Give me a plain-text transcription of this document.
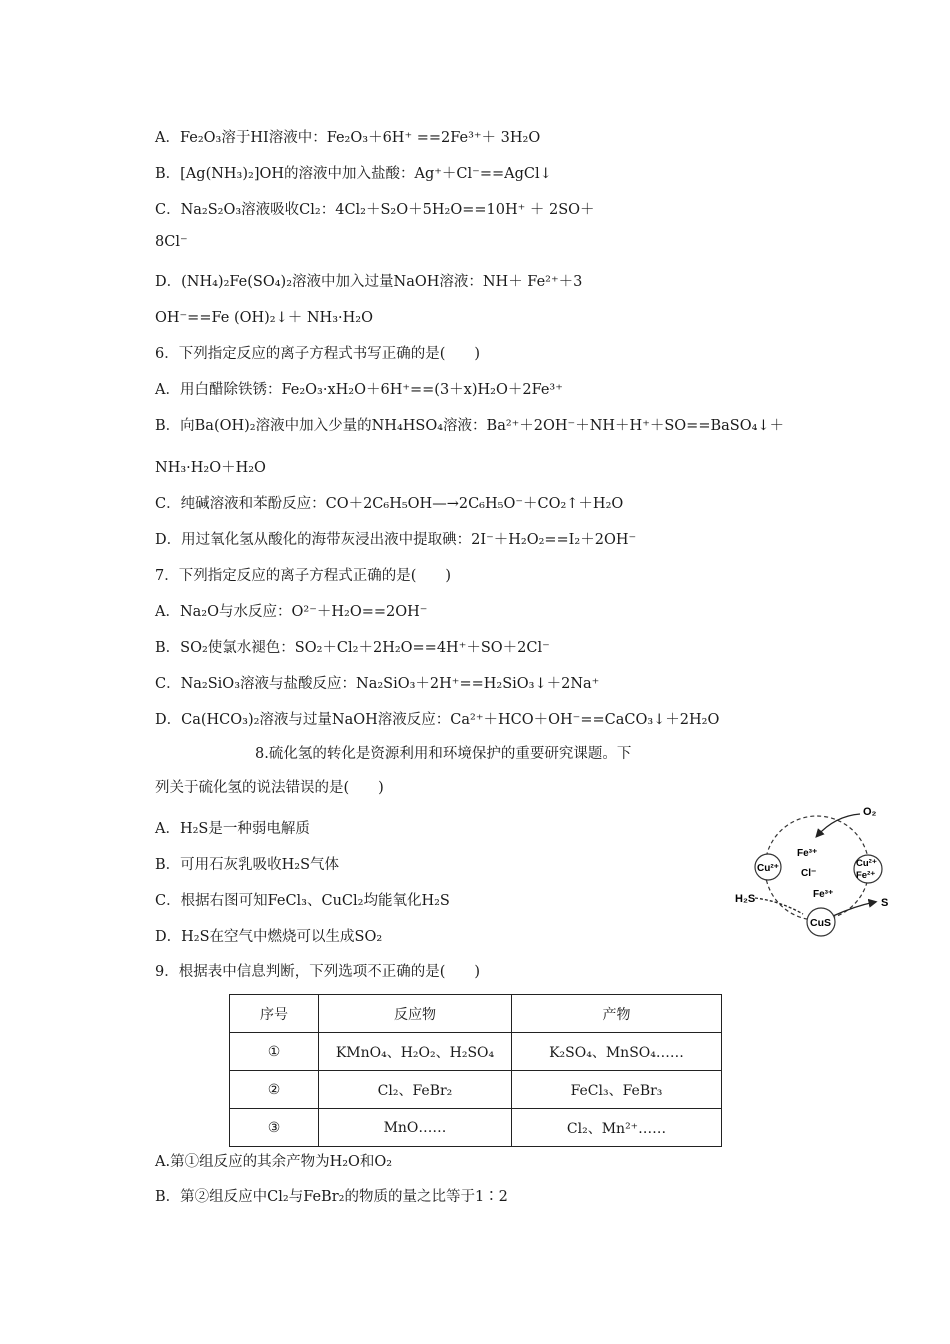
A．Fe₂O₃溶于HI溶液中：Fe₂O₃＋6H⁺ ==2Fe³⁺＋ 3H₂O
B．[Ag(NH₃)₂]OH的溶液中加入盐酸：Ag⁺＋Cl⁻==AgCl↓
C．Na₂S₂O₃溶液吸收Cl₂：4Cl₂＋S₂O＋5H₂O==10H⁺ ＋ 2SO＋
8Cl⁻
D．(NH₄)₂Fe(SO₄)₂溶液中加入过量NaOH溶液：NH＋ Fe²⁺＋3
OH⁻==Fe (OH)₂↓＋ NH₃·H₂O
6．下列指定反应的离子方程式书写正确的是(　　)
A．用白醋除铁锈：Fe₂O₃·xH₂O＋6H⁺==(3＋x)H₂O＋2Fe³⁺
B．向Ba(OH)₂溶液中加入少量的NH₄HSO₄溶液：Ba²⁺＋2OH⁻＋NH＋H⁺＋SO==BaSO₄↓＋
NH₃·H₂O＋H₂O
C．纯碱溶液和苯酚反应：CO＋2C₆H₅OH—→2C₆H₅O⁻＋CO₂↑＋H₂O
D．用过氧化氢从酸化的海带灰浸出液中提取碘：2I⁻＋H₂O₂==I₂＋2OH⁻
7．下列指定反应的离子方程式正确的是(　　)
A．Na₂O与水反应：O²⁻＋H₂O==2OH⁻
B．SO₂使氯水褪色：SO₂＋Cl₂＋2H₂O==4H⁺＋SO＋2Cl⁻
C．Na₂SiO₃溶液与盐酸反应：Na₂SiO₃＋2H⁺==H₂SiO₃↓＋2Na⁺
D．Ca(HCO₃)₂溶液与过量NaOH溶液反应：Ca²⁺＋HCO＋OH⁻==CaCO₃↓＋2H₂O
8.硫化氢的转化是资源利用和环境保护的重要研究课题。下
列关于硫化氢的说法错误的是(　　)
A．H₂S是一种弱电解质
B．可用石灰乳吸收H₂S气体
C．根据右图可知FeCl₃、CuCl₂均能氧化H₂S
D．H₂S在空气中燃烧可以生成SO₂
9．根据表中信息判断，下列选项不正确的是(　　)
序号	反应物	产物
①	KMnO₄、H₂O₂、H₂SO₄	K₂SO₄、MnSO₄……
②	Cl₂、FeBr₂	FeCl₃、FeBr₃
③	MnO……	Cl₂、Mn²⁺……
A.第①组反应的其余产物为H₂O和O₂
B．第②组反应中Cl₂与FeBr₂的物质的量之比等于1∶2
O₂
Cu²⁺
Fe³⁺
Cl⁻
Fe³⁺
Cu²⁺
Fe²⁺
H₂S
CuS
S
